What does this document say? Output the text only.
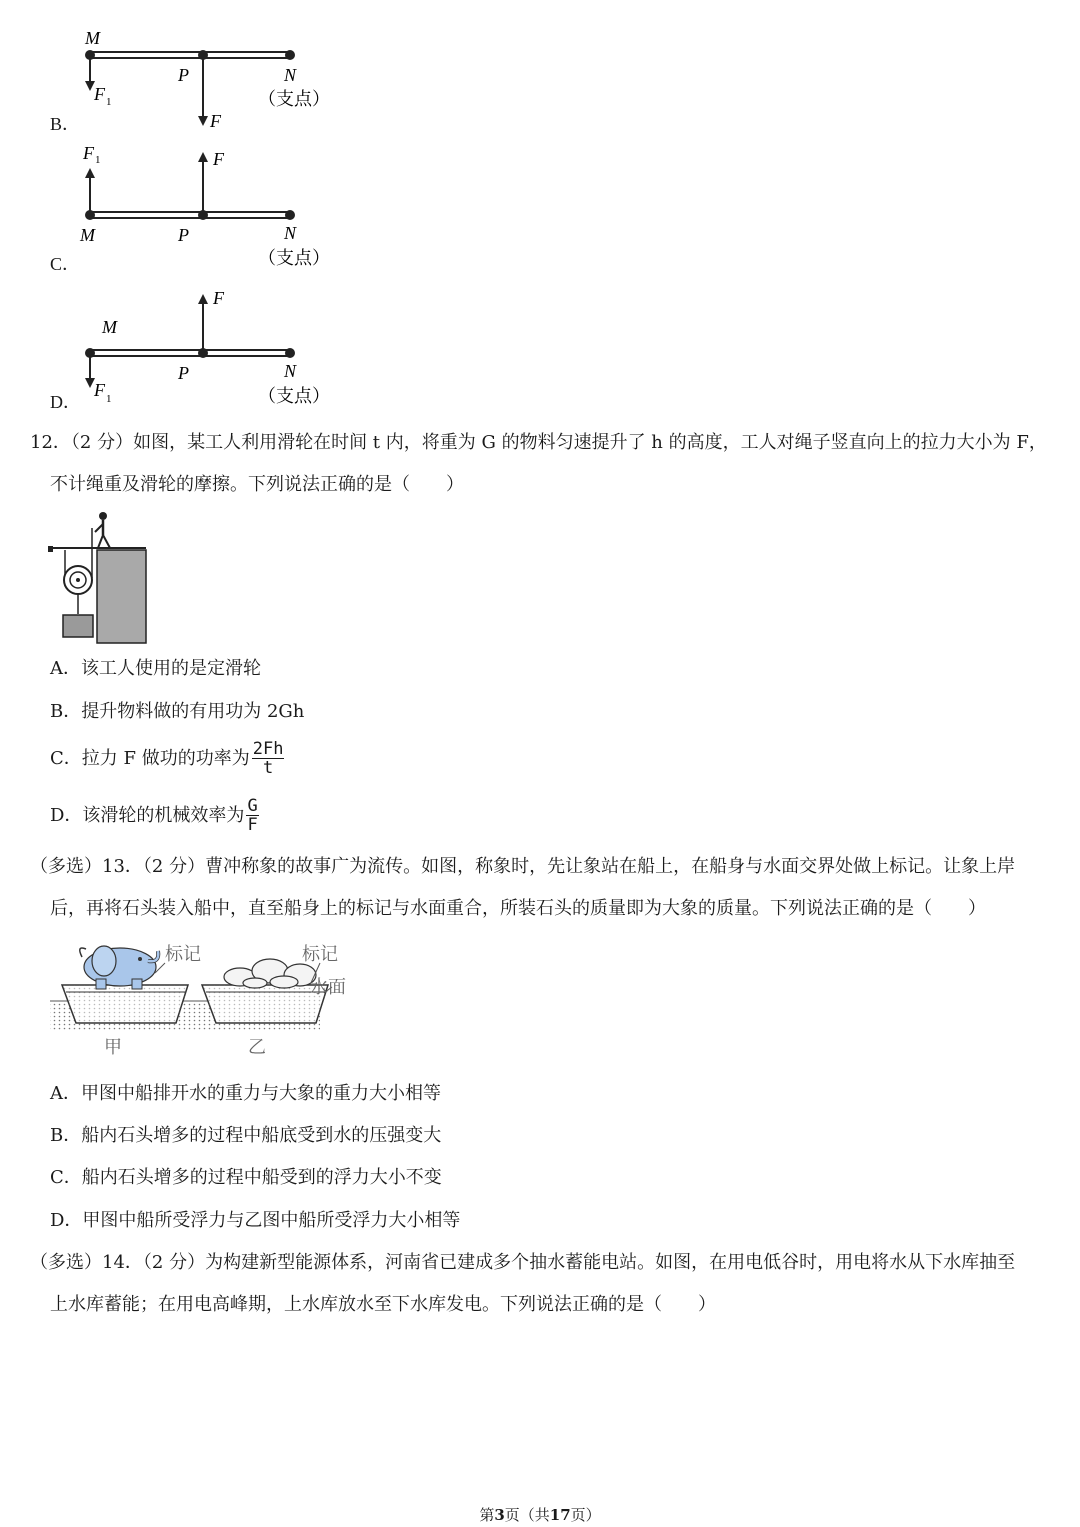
B．
M
P	N
F 1
F
（支点）
C．
F 1	F
M	P	N
（支点）
D．
F
M
P	N
F 1	（支点）
12．（2 分）如图，某工人利用滑轮在时间 t 内，将重为 G 的物料匀速提升了 h 的高度，工人对绳子竖直向上的拉力大小为 F，
不计绳重及滑轮的摩擦。下列说法正确的是（　　）
A．该工人使用的是定滑轮
B．提升物料做的有用功为 2Gh
C．拉力 F 做功的功率为 $\frac{2Fh}{t}$
D．该滑轮的机械效率为 $\frac{G}{F}$
（多选）13．（2 分）曹冲称象的故事广为流传。如图，称象时，先让象站在船上，在船身与水面交界处做上标记。让象上岸
后，再将石头装入船中，直至船身上的标记与水面重合，所装石头的质量即为大象的质量。下列说法正确的是（　　）
标记	标记
水面
甲	乙
A．甲图中船排开水的重力与大象的重力大小相等
B．船内石头增多的过程中船底受到水的压强变大
C．船内石头增多的过程中船受到的浮力大小不变
D．甲图中船所受浮力与乙图中船所受浮力大小相等
（多选）14．（2 分）为构建新型能源体系，河南省已建成多个抽水蓄能电站。如图，在用电低谷时，用电将水从下水库抽至
上水库蓄能；在用电高峰期，上水库放水至下水库发电。下列说法正确的是（　　）
第3页（共17页）
